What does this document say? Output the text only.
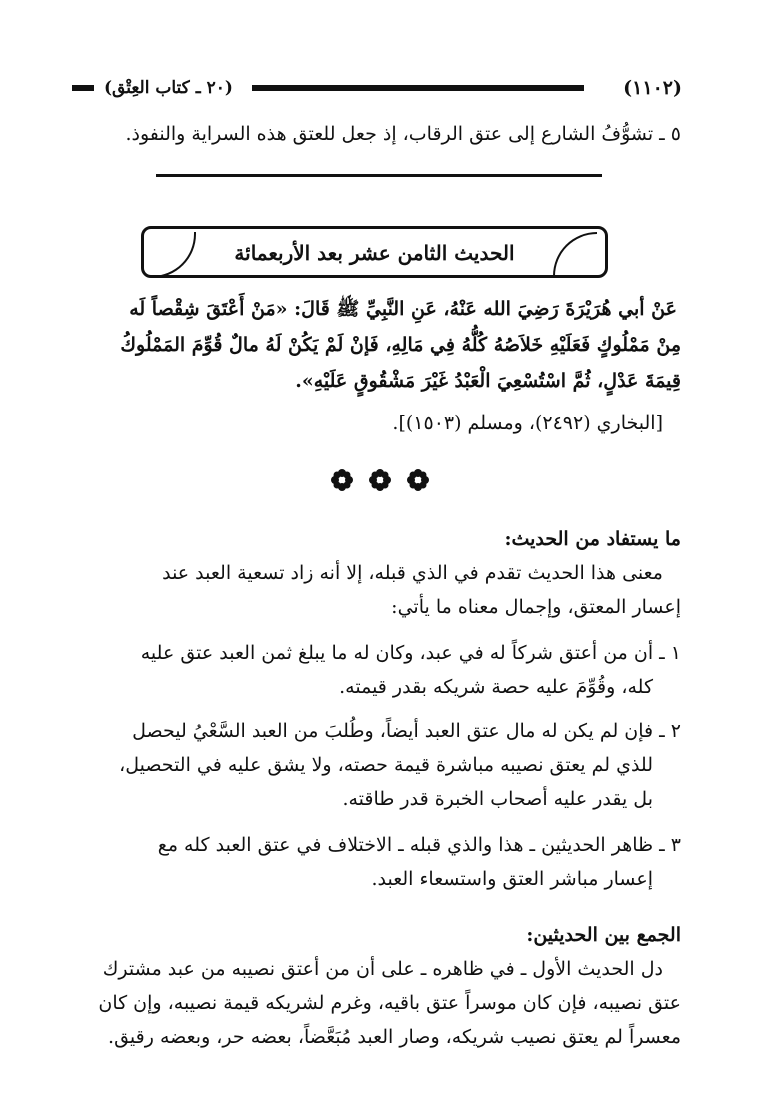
(١١٠٢)
(٢٠ ـ كتاب العِتْق)
٥ ـ تشوُّفُ الشارع إلى عتق الرقاب، إذ جعل للعتق هذه السراية والنفوذ.
الحديث الثامن عشر بعد الأربعمائة
عَنْ أبي هُرَيْرَةَ رَضِيَ الله عَنْهُ، عَنِ النَّبِيِّ ﷺ قَالَ: «مَنْ أَعْتَقَ شِقْصاً لَه
مِنْ مَمْلُوكٍ فَعَلَيْهِ خَلاَصُهُ كُلُّهُ فِي مَالِهِ، فَإنْ لَمْ يَكُنْ لَهُ مالٌ قُوِّمَ المَمْلُوكُ
قِيمَةَ عَدْلٍ، ثُمَّ اسْتُسْعِيَ الْعَبْدُ غَيْرَ مَشْقُوقٍ عَلَيْهِ».
[البخاري (٢٤٩٢)، ومسلم (١٥٠٣)].
ما يستفاد من الحديث:
معنى هذا الحديث تقدم في الذي قبله، إلا أنه زاد تسعية العبد عند
إعسار المعتق، وإجمال معناه ما يأتي:
١ ـ أن من أعتق شركاً له في عبد، وكان له ما يبلغ ثمن العبد عتق عليه
كله، وقُوِّمَ عليه حصة شريكه بقدر قيمته.
٢ ـ فإن لم يكن له مال عتق العبد أيضاً، وطُلبَ من العبد السَّعْيُ ليحصل
للذي لم يعتق نصيبه مباشرة قيمة حصته، ولا يشق عليه في التحصيل،
بل يقدر عليه أصحاب الخبرة قدر طاقته.
٣ ـ ظاهر الحديثين ـ هذا والذي قبله ـ الاختلاف في عتق العبد كله مع
إعسار مباشر العتق واستسعاء العبد.
الجمع بين الحديثين:
دل الحديث الأول ـ في ظاهره ـ على أن من أعتق نصيبه من عبد مشترك
عتق نصيبه، فإن كان موسراً عتق باقيه، وغرم لشريكه قيمة نصيبه، وإن كان
معسراً لم يعتق نصيب شريكه، وصار العبد مُبَعَّضاً، بعضه حر، وبعضه رقيق.
